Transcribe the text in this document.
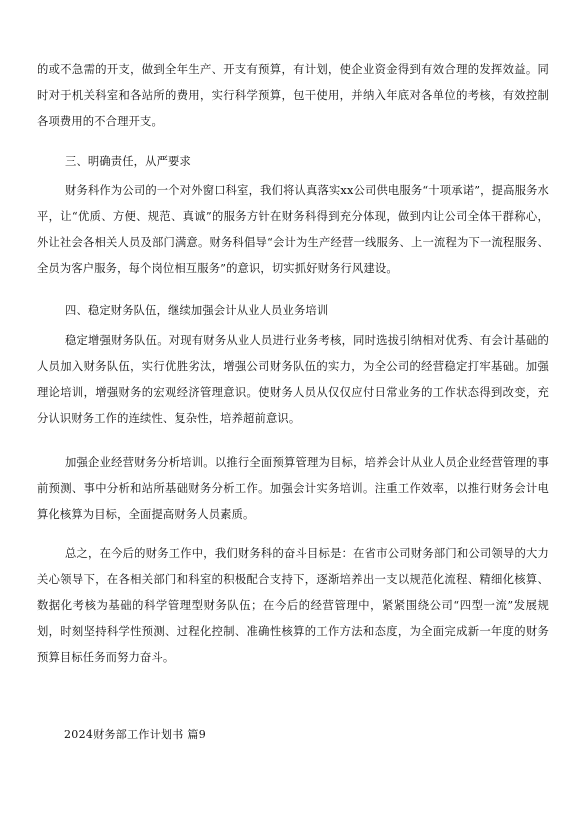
的或不急需的开支，做到全年生产、开支有预算，有计划，使企业资金得到有效合理的发挥效益。同时对于机关科室和各站所的费用，实行科学预算，包干使用，并纳入年底对各单位的考核，有效控制各项费用的不合理开支。

三、明确责任，从严要求

财务科作为公司的一个对外窗口科室，我们将认真落实xx公司供电服务“十项承诺”，提高服务水平，让“优质、方便、规范、真诚”的服务方针在财务科得到充分体现，做到内让公司全体干群称心，外让社会各相关人员及部门满意。财务科倡导“会计为生产经营一线服务、上一流程为下一流程服务、全员为客户服务，每个岗位相互服务”的意识，切实抓好财务行风建设。

四、稳定财务队伍，继续加强会计从业人员业务培训

稳定增强财务队伍。对现有财务从业人员进行业务考核，同时选拔引纳相对优秀、有会计基础的人员加入财务队伍，实行优胜劣汰，增强公司财务队伍的实力，为全公司的经营稳定打牢基础。加强理论培训，增强财务的宏观经济管理意识。使财务人员从仅仅应付日常业务的工作状态得到改变，充分认识财务工作的连续性、复杂性，培养超前意识。

加强企业经营财务分析培训。以推行全面预算管理为目标，培养会计从业人员企业经营管理的事前预测、事中分析和站所基础财务分析工作。加强会计实务培训。注重工作效率，以推行财务会计电算化核算为目标，全面提高财务人员素质。

总之，在今后的财务工作中，我们财务科的奋斗目标是：在省市公司财务部门和公司领导的大力关心领导下，在各相关部门和科室的积极配合支持下，逐渐培养出一支以规范化流程、精细化核算、数据化考核为基础的科学管理型财务队伍；在今后的经营管理中，紧紧围绕公司“四型一流”发展规划，时刻坚持科学性预测、过程化控制、准确性核算的工作方法和态度，为全面完成新一年度的财务预算目标任务而努力奋斗。

2024财务部工作计划书 篇9
